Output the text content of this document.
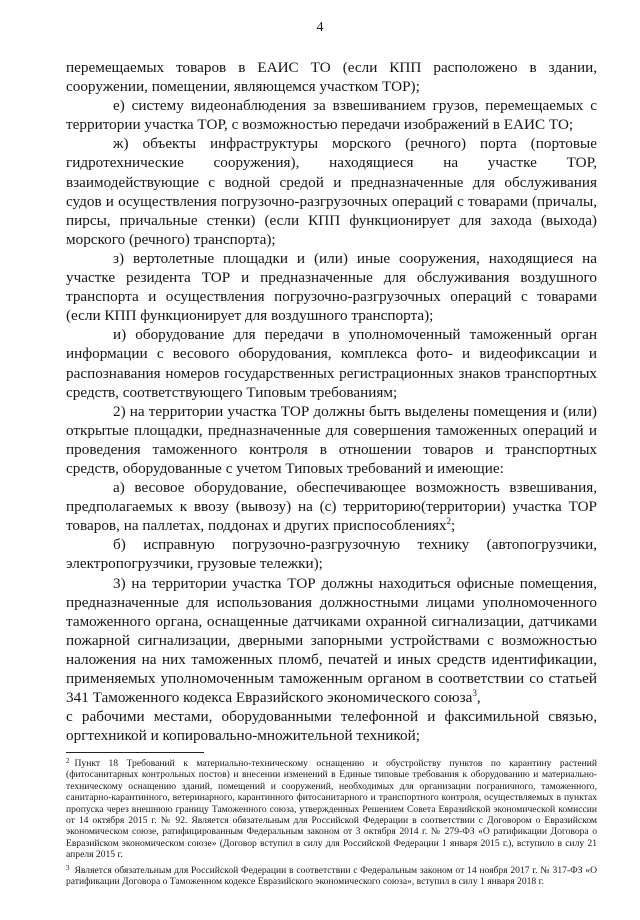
4

перемещаемых товаров в ЕАИС ТО (если КПП расположено в здании, сооружении, помещении, являющемся участком ТОР);

е) систему видеонаблюдения за взвешиванием грузов, перемещаемых с территории участка ТОР, с возможностью передачи изображений в ЕАИС ТО;

ж) объекты инфраструктуры морского (речного) порта (портовые гидротехнические сооружения), находящиеся на участке ТОР, взаимодействующие с водной средой и предназначенные для обслуживания судов и осуществления погрузочно-разгрузочных операций с товарами (причалы, пирсы, причальные стенки) (если КПП функционирует для захода (выхода) морского (речного) транспорта);

з) вертолетные площадки и (или) иные сооружения, находящиеся на участке резидента ТОР и предназначенные для обслуживания воздушного транспорта и осуществления погрузочно-разгрузочных операций с товарами (если КПП функционирует для воздушного транспорта);

и) оборудование для передачи в уполномоченный таможенный орган информации с весового оборудования, комплекса фото- и видеофиксации и распознавания номеров государственных регистрационных знаков транспортных средств, соответствующего Типовым требованиям;

2) на территории участка ТОР должны быть выделены помещения и (или) открытые площадки, предназначенные для совершения таможенных операций и проведения таможенного контроля в отношении товаров и транспортных средств, оборудованные с учетом Типовых требований и имеющие:

а) весовое оборудование, обеспечивающее возможность взвешивания, предполагаемых к ввозу (вывозу) на (с) территорию(территории) участка ТОР товаров, на паллетах, поддонах и других приспособлениях$^2$;

б) исправную погрузочно-разгрузочную технику (автопогрузчики, электропогрузчики, грузовые тележки);

3) на территории участка ТОР должны находиться офисные помещения, предназначенные для использования должностными лицами уполномоченного таможенного органа, оснащенные датчиками охранной сигнализации, датчиками пожарной сигнализации, дверными запорными устройствами с возможностью наложения на них таможенных пломб, печатей и иных средств идентификации, применяемых уполномоченным таможенным органом в соответствии со статьей 341 Таможенного кодекса Евразийского экономического союза$^3$,

с рабочими местами, оборудованными телефонной и факсимильной связью, оргтехникой и копировально-множительной техникой;

$^2$ Пункт 18 Требований к материально-техническому оснащению и обустройству пунктов по карантину растений (фитосанитарных контрольных постов) и внесении изменений в Единые типовые требования к оборудованию и материально-техническому оснащению зданий, помещений и сооружений, необходимых для организации пограничного, таможенного, санитарно-карантинного, ветеринарного, карантинного фитосанитарного и транспортного контроля, осуществляемых в пунктах пропуска через внешнюю границу Таможенного союза, утвержденных Решением Совета Евразийской экономической комиссии от 14 октября 2015 г. № 92. Является обязательным для Российской Федерации в соответствии с Договором о Евразийском экономическом союзе, ратифицированным Федеральным законом от 3 октября 2014 г. № 279-ФЗ «О ратификации Договора о Евразийском экономическом союзе» (Договор вступил в силу для Российской Федерации 1 января 2015 г.), вступило в силу 21 апреля 2015 г.

$^3$ Является обязательным для Российской Федерации в соответствии с Федеральным законом от 14 ноября 2017 г. № 317-ФЗ «О ратификации Договора о Таможенном кодексе Евразийского экономического союза», вступил в силу 1 января 2018 г.
